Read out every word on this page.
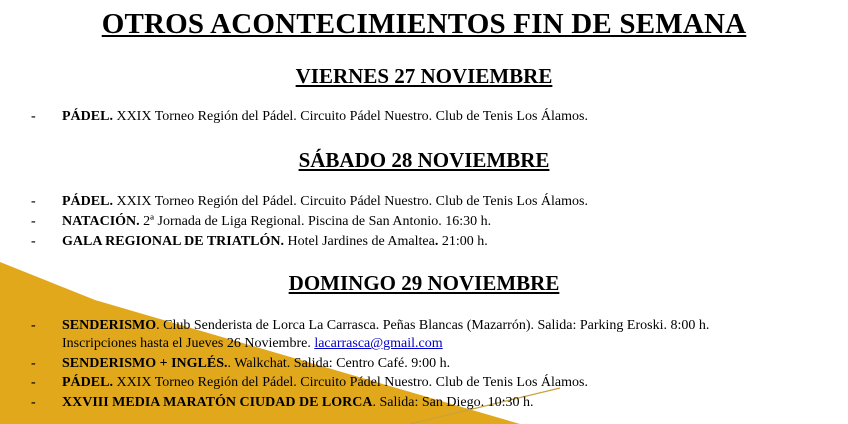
OTROS ACONTECIMIENTOS FIN DE SEMANA
VIERNES 27 NOVIEMBRE
- PÁDEL. XXIX Torneo Región del Pádel. Circuito Pádel Nuestro. Club de Tenis Los Álamos.
SÁBADO 28 NOVIEMBRE
- PÁDEL. XXIX Torneo Región del Pádel. Circuito Pádel Nuestro. Club de Tenis Los Álamos.
- NATACIÓN. 2ª Jornada de Liga Regional. Piscina de San Antonio. 16:30 h.
- GALA REGIONAL DE TRIATLÓN. Hotel Jardines de Amaltea. 21:00 h.
DOMINGO 29 NOVIEMBRE
- SENDERISMO. Club Senderista de Lorca La Carrasca. Peñas Blancas (Mazarrón). Salida: Parking Eroski. 8:00 h.
Inscripciones hasta el Jueves 26 Noviembre. lacarrasca@gmail.com
- SENDERISMO + INGLÉS.. Walkchat. Salida: Centro Café. 9:00 h.
- PÁDEL. XXIX Torneo Región del Pádel. Circuito Pádel Nuestro. Club de Tenis Los Álamos.
- XXVIII MEDIA MARATÓN CIUDAD DE LORCA. Salida: San Diego. 10:30 h.
